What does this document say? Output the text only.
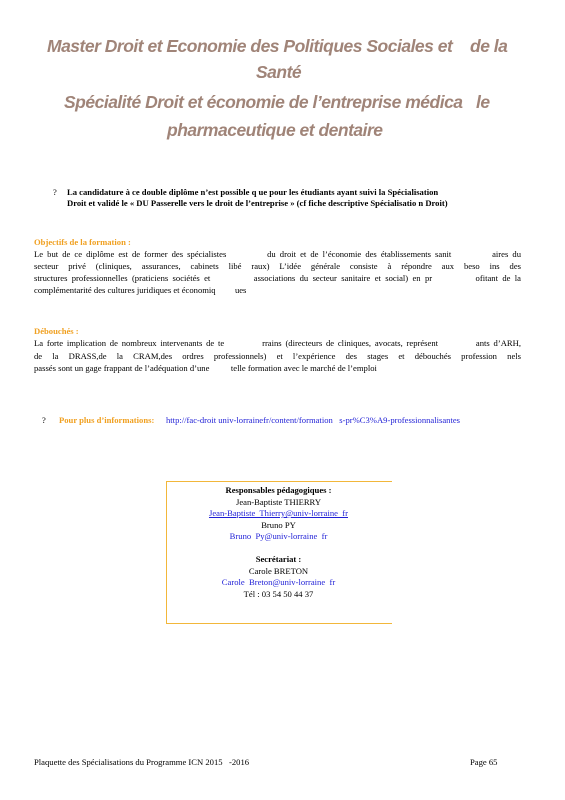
Master Droit et Economie des Politiques Sociales et de la
Santé
Spécialité Droit et économie de l’entreprise médica le
pharmaceutique et dentaire
? La candidature à ce double diplôme n’est possible q ue pour les étudiants ayant suivi la Spécialisation
Droit et validé le « DU Passerelle vers le droit de l’entreprise » (cf fiche descriptive Spécialisatio n Droit)
Objectifs de la formation :
Le but de ce diplôme est de former des spécialistes          du droit et de l’économie des établissements sanit          aires du
secteur privé (cliniques, assurances, cabinets libé raux) L’idée générale consiste à répondre aux beso ins des
structures professionnelles (praticiens sociétés et          associations du secteur sanitaire et social) en pr          ofitant de la
complémentarité des cultures juridiques et économiq         ues
Débouchés :
La forte implication de nombreux intervenants de te          rrains (directeurs de cliniques, avocats, représent          ants d’ARH,
de la DRASS,de la CRAM,des ordres professionnels) et l’expérience des stages et débouchés profession nels
passés sont un gage frappant de l’adéquation d’une          telle formation avec le marché de l’emploi
? Pour plus d’informations: http://fac-droit univ-lorrainefr/content/formation   s-pr%C3%A9-professionnalisantes
Responsables pédagogiques :
Jean-Baptiste THIERRY
Jean-Baptiste  Thierry@univ-lorraine  fr
Bruno PY
Bruno  Py@univ-lorraine  fr
Secrétariat :
Carole BRETON
Carole  Breton@univ-lorraine  fr
Tél : 03 54 50 44 37
Plaquette des Spécialisations du Programme ICN 2015   -2016	Page 65
